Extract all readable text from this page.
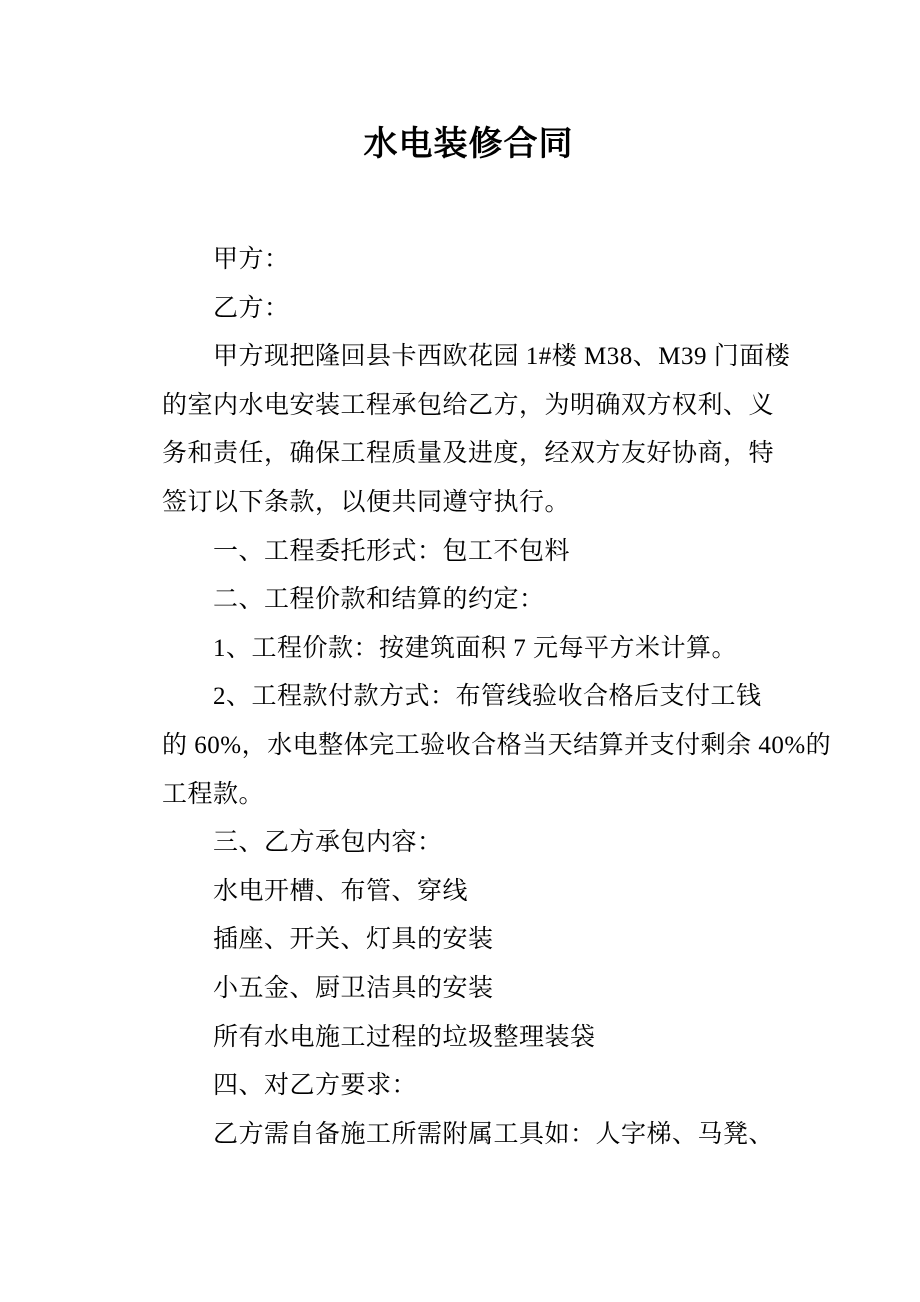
水电装修合同
甲方：
乙方：
甲方现把隆回县卡西欧花园 1#楼 M38、M39 门面楼
的室内水电安装工程承包给乙方，为明确双方权利、义
务和责任，确保工程质量及进度，经双方友好协商，特
签订以下条款，以便共同遵守执行。
一、工程委托形式：包工不包料
二、工程价款和结算的约定：
1、工程价款：按建筑面积 7 元每平方米计算。
2、工程款付款方式：布管线验收合格后支付工钱
的 60%，水电整体完工验收合格当天结算并支付剩余 40%的
工程款。
三、乙方承包内容：
水电开槽、布管、穿线
插座、开关、灯具的安装
小五金、厨卫洁具的安装
所有水电施工过程的垃圾整理装袋
四、对乙方要求：
乙方需自备施工所需附属工具如：人字梯、马凳、
